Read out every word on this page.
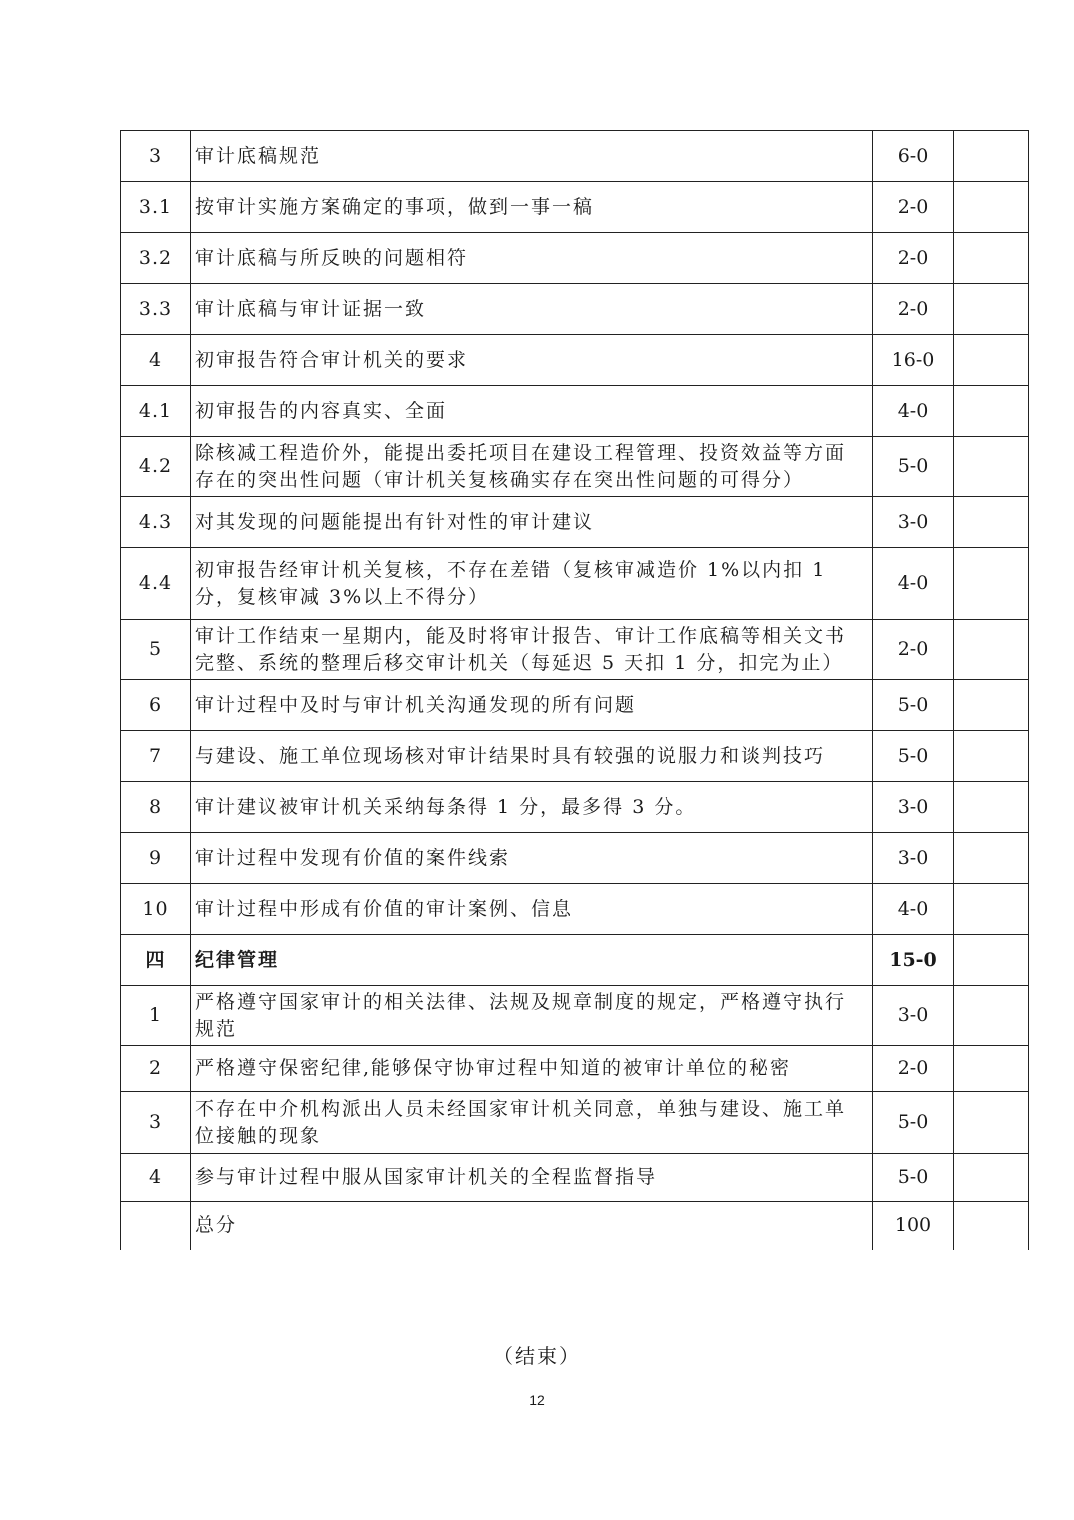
3	审计底稿规范	6-0	
3.1	按审计实施方案确定的事项，做到一事一稿	2-0	
3.2	审计底稿与所反映的问题相符	2-0	
3.3	审计底稿与审计证据一致	2-0	
4	初审报告符合审计机关的要求	16-0	
4.1	初审报告的内容真实、全面	4-0	
4.2	除核减工程造价外，能提出委托项目在建设工程管理、投资效益等方面存在的突出性问题（审计机关复核确实存在突出性问题的可得分）	5-0	
4.3	对其发现的问题能提出有针对性的审计建议	3-0	
4.4	初审报告经审计机关复核，不存在差错（复核审减造价 1%以内扣 1 分，复核审减 3%以上不得分）	4-0	
5	审计工作结束一星期内，能及时将审计报告、审计工作底稿等相关文书完整、系统的整理后移交审计机关（每延迟 5 天扣 1 分，扣完为止）	2-0	
6	审计过程中及时与审计机关沟通发现的所有问题	5-0	
7	与建设、施工单位现场核对审计结果时具有较强的说服力和谈判技巧	5-0	
8	审计建议被审计机关采纳每条得 1 分，最多得 3 分。	3-0	
9	审计过程中发现有价值的案件线索	3-0	
10	审计过程中形成有价值的审计案例、信息	4-0	
四	纪律管理	15-0	
1	严格遵守国家审计的相关法律、法规及规章制度的规定，严格遵守执行规范	3-0	
2	严格遵守保密纪律,能够保守协审过程中知道的被审计单位的秘密	2-0	
3	不存在中介机构派出人员未经国家审计机关同意，单独与建设、施工单位接触的现象	5-0	
4	参与审计过程中服从国家审计机关的全程监督指导	5-0	
	总分	100	
（结束）
12
